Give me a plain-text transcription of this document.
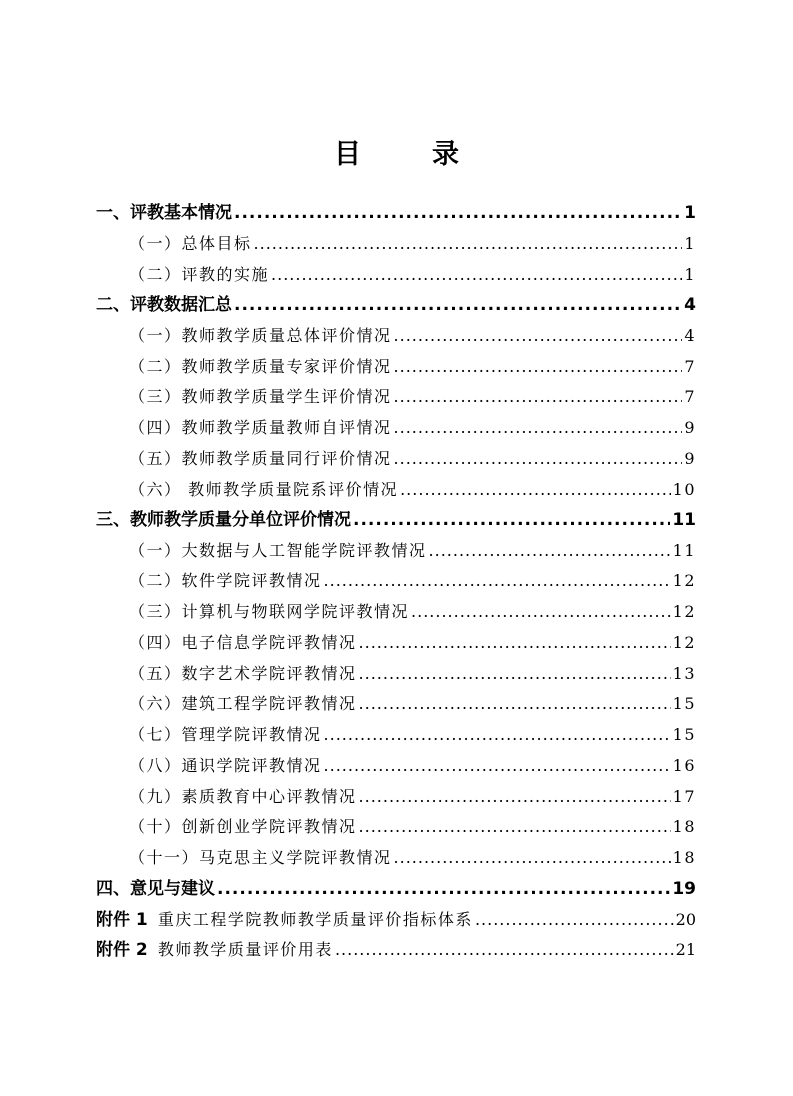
目　录
一、评教基本情况 .....	1
（一）总体目标 .....	1
（二）评教的实施 .....	1
二、评教数据汇总 .....	4
（一）教师教学质量总体评价情况 .....	4
（二）教师教学质量专家评价情况 .....	7
（三）教师教学质量学生评价情况 .....	7
（四）教师教学质量教师自评情况 .....	9
（五）教师教学质量同行评价情况 .....	9
（六） 教师教学质量院系评价情况 .....	10
三、教师教学质量分单位评价情况 .....	11
（一）大数据与人工智能学院评教情况 .....	11
（二）软件学院评教情况 .....	12
（三）计算机与物联网学院评教情况 .....	12
（四）电子信息学院评教情况 .....	12
（五）数字艺术学院评教情况 .....	13
（六）建筑工程学院评教情况 .....	15
（七）管理学院评教情况 .....	15
（八）通识学院评教情况 .....	16
（九）素质教育中心评教情况 .....	17
（十）创新创业学院评教情况 .....	18
（十一）马克思主义学院评教情况 .....	18
四、意见与建议 .....	19
附件 1 重庆工程学院教师教学质量评价指标体系 .....	20
附件 2 教师教学质量评价用表 .....	21
